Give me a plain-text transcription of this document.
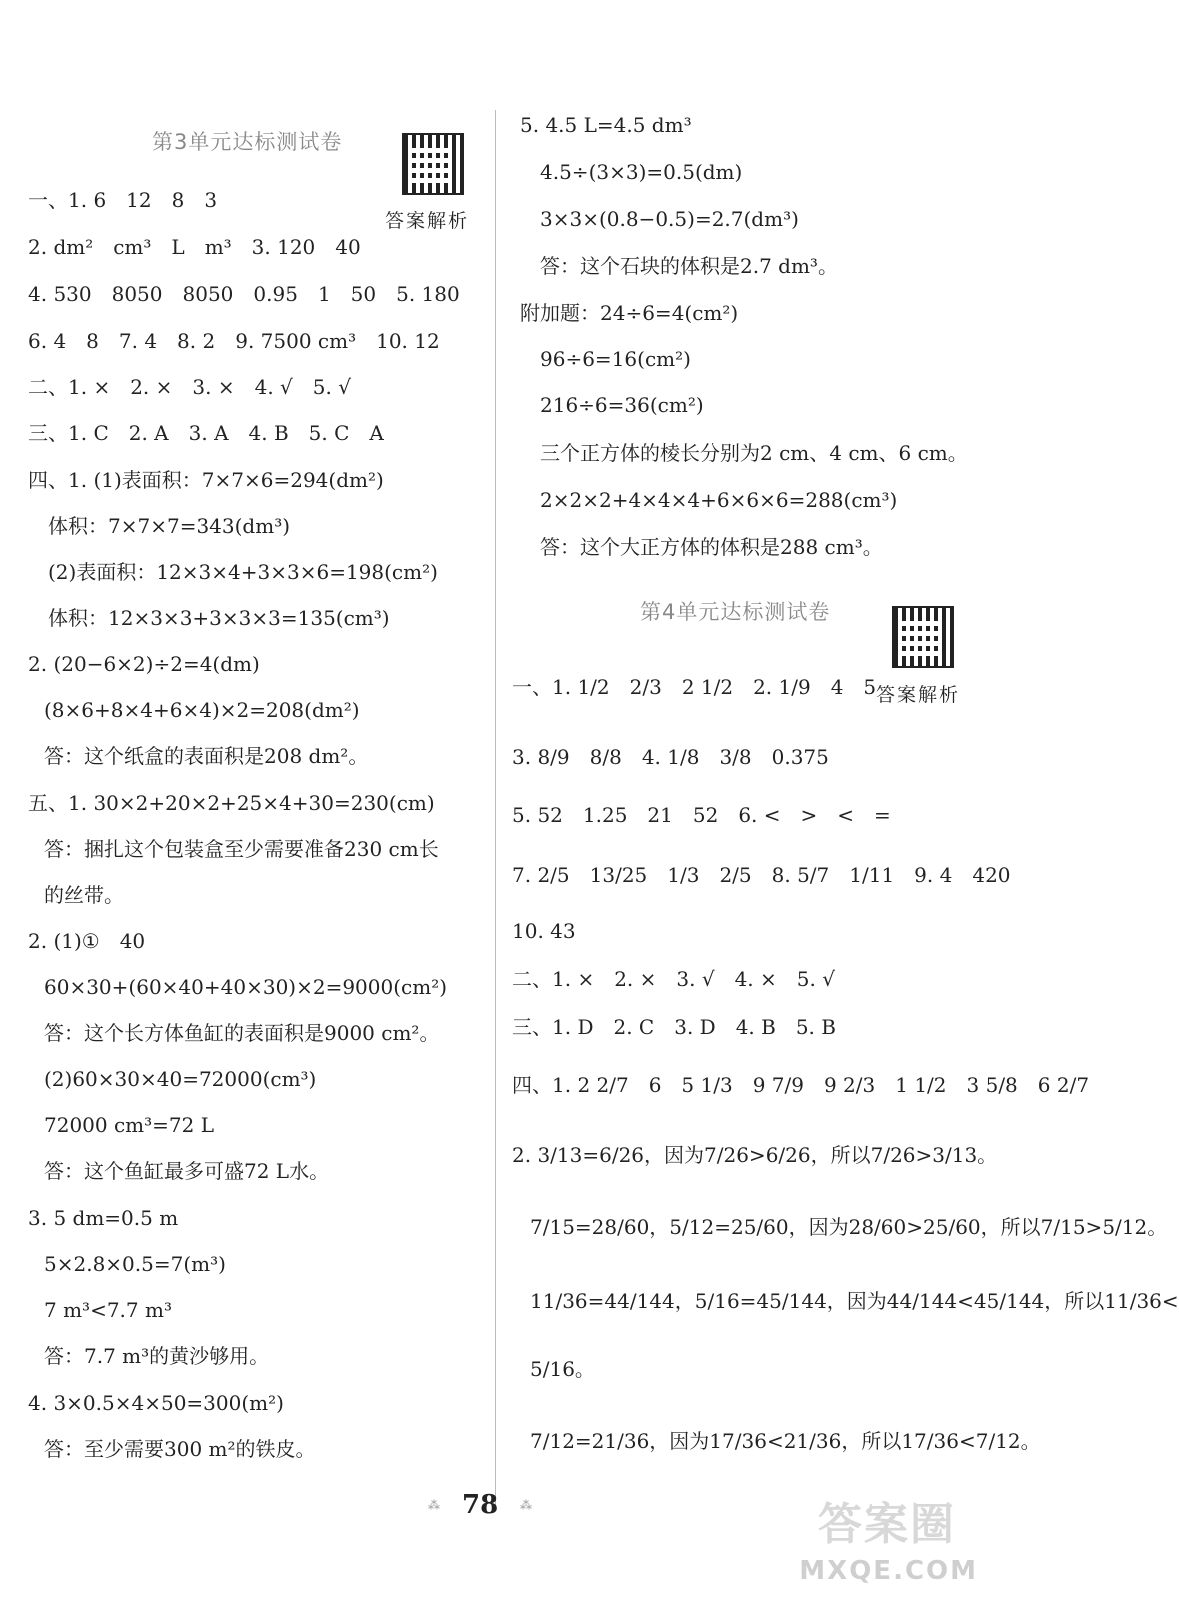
第3单元达标测试卷
答案解析
一、1. 6　12　8　3
2. dm²　cm³　L　m³　3. 120　40
4. 530　8050　8050　0.95　1　50　5. 180
6. 4　8　7. 4　8. 2　9. 7500 cm³　10. 12
二、1. ×　2. ×　3. ×　4. √　5. √
三、1. C　2. A　3. A　4. B　5. C　A
四、1. (1)表面积：7×7×6=294(dm²)
　体积：7×7×7=343(dm³)
　(2)表面积：12×3×4+3×3×6=198(cm²)
　体积：12×3×3+3×3×3=135(cm³)
2. (20−6×2)÷2=4(dm)
(8×6+8×4+6×4)×2=208(dm²)
答：这个纸盒的表面积是208 dm²。
五、1. 30×2+20×2+25×4+30=230(cm)
答：捆扎这个包装盒至少需要准备230 cm长
的丝带。
2. (1)①　40
60×30+(60×40+40×30)×2=9000(cm²)
答：这个长方体鱼缸的表面积是9000 cm²。
(2)60×30×40=72000(cm³)
72000 cm³=72 L
答：这个鱼缸最多可盛72 L水。
3. 5 dm=0.5 m
5×2.8×0.5=7(m³)
7 m³<7.7 m³
答：7.7 m³的黄沙够用。
4. 3×0.5×4×50=300(m²)
答：至少需要300 m²的铁皮。
5. 4.5 L=4.5 dm³
4.5÷(3×3)=0.5(dm)
3×3×(0.8−0.5)=2.7(dm³)
答：这个石块的体积是2.7 dm³。
附加题：24÷6=4(cm²)
96÷6=16(cm²)
216÷6=36(cm²)
三个正方体的棱长分别为2 cm、4 cm、6 cm。
2×2×2+4×4×4+6×6×6=288(cm³)
答：这个大正方体的体积是288 cm³。
第4单元达标测试卷
答案解析
一、1. 1/2　2/3　2 1/2　2. 1/9　4　5
3. 8/9　8/8　4. 1/8　3/8　0.375
5. 52　1.25　21　52　6. <　>　<　=
7. 2/5　13/25　1/3　2/5　8. 5/7　1/11　9. 4　420
10. 43
二、1. ×　2. ×　3. √　4. ×　5. √
三、1. D　2. C　3. D　4. B　5. B
四、1. 2 2/7　6　5 1/3　9 7/9　9 2/3　1 1/2　3 5/8　6 2/7
2. 3/13=6/26，因为7/26>6/26，所以7/26>3/13。
7/15=28/60，5/12=25/60，因为28/60>25/60，所以7/15>5/12。
11/36=44/144，5/16=45/144，因为44/144<45/144，所以11/36<
5/16。
7/12=21/36，因为17/36<21/36，所以17/36<7/12。
⁂ 78 ⁂	答案圈
MXQE.COM
